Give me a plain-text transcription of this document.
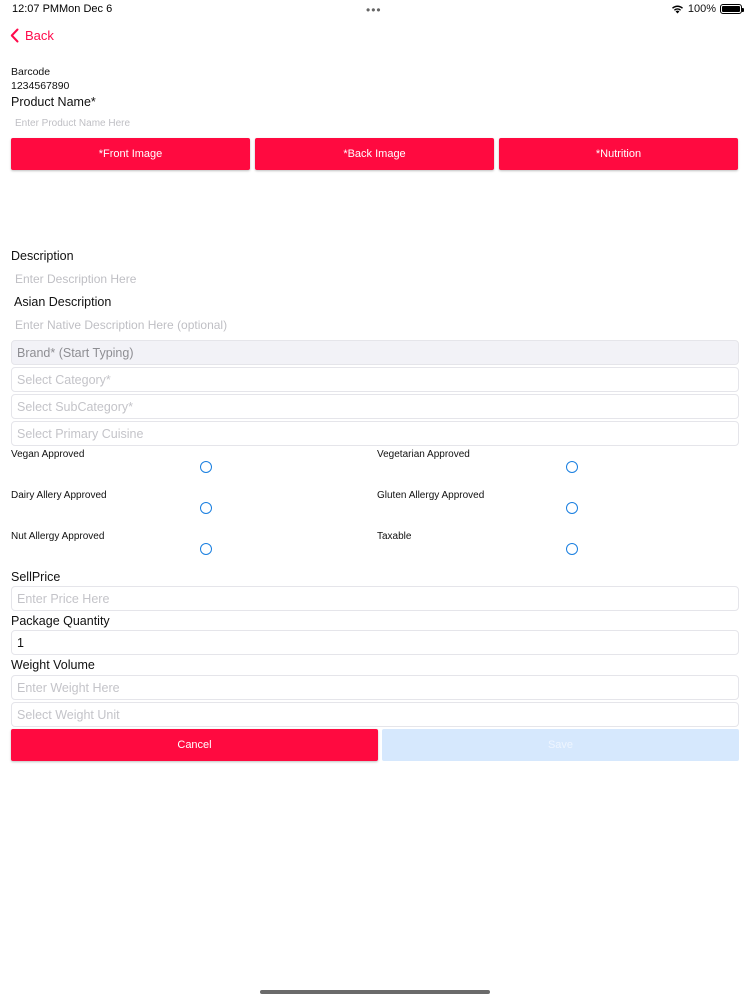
12:07 PM Mon Dec 6	•••	100%
Back
Barcode
1234567890
Product Name*
Enter Product Name Here
*Front Image	*Back Image	*Nutrition
Description
Enter Description Here
Asian Description
Enter Native Description Here (optional)
Brand* (Start Typing)
Select Category*
Select SubCategory*
Select Primary Cuisine
Vegan Approved	Vegetarian Approved
Dairy Allery Approved	Gluten Allergy Approved
Nut Allergy Approved	Taxable
SellPrice
Enter Price Here
Package Quantity
1
Weight Volume
Enter Weight Here
Select Weight Unit
Cancel	Save
